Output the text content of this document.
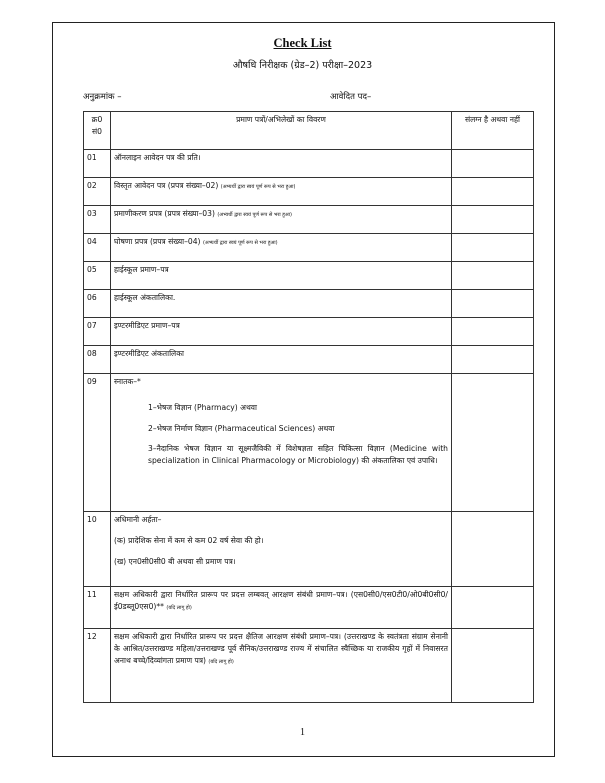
Check List
औषधि निरीक्षक (ग्रेड–2) परीक्षा–2023
अनुक्रमांक –	आवेदित पद–
क्र0 सं0	प्रमाण पत्रों/अभिलेखों का विवरण	संलग्न है अथवा नहीं
01	ऑनलाइन आवेदन पत्र की प्रति।	
02	विस्तृत आवेदन पत्र (प्रपत्र संख्या–02) (अभ्यर्थी द्वारा स्वयं पूर्ण रूप से भरा हुआ)	
03	प्रमाणीकरण प्रपत्र (प्रपत्र संख्या–03) (अभ्यर्थी द्वारा स्वयं पूर्ण रूप से भरा हुआ)	
04	घोषणा प्रपत्र (प्रपत्र संख्या–04) (अभ्यर्थी द्वारा स्वयं पूर्ण रूप से भरा हुआ)	
05	हाईस्कूल प्रमाण–पत्र	
06	हाईस्कूल अंकतालिका.	
07	इण्टरमीडिएट प्रमाण–पत्र	
08	इण्टरमीडिएट अंकतालिका	
09	स्नातक–*
1–भेषज विज्ञान (Pharmacy) अथवा
2–भेषज निर्माण विज्ञान (Pharmaceutical Sciences) अथवा
3–नैदानिक भेषज विज्ञान या सूक्ष्मजैविकी में विशेषज्ञता सहित चिकित्सा विज्ञान (Medicine with specialization in Clinical Pharmacology or Microbiology) की अंकतालिका एवं उपाधि।	

10	अधिमानी अर्हता–
(क) प्रादेशिक सेना में कम से कम 02 वर्ष सेवा की हो।
(ख) एन0सी0सी0 बी अथवा सी प्रमाण पत्र।	

11	सक्षम अधिकारी द्वारा निर्धारित प्रारूप पर प्रदत्त लम्बवत् आरक्षण संबंधी प्रमाण–पत्र। (एस0सी0/एस0टी0/ओ0बी0सी0/ई0डब्लू0एस0)** (यदि लागू हो)	
12	सक्षम अधिकारी द्वारा निर्धारित प्रारूप पर प्रदत्त क्षैतिज आरक्षण संबंधी प्रमाण–पत्र। (उत्तराखण्ड के स्वतंत्रता संग्राम सेनानी के आश्रित/उत्तराखण्ड महिला/उत्तराखण्ड पूर्व सैनिक/उत्तराखण्ड राज्य में संचालित स्वैच्छिक या राजकीय गृहों में निवासरत अनाथ बच्चे/दिव्यांगता प्रमाण पत्र) (यदि लागू हो)	
1
